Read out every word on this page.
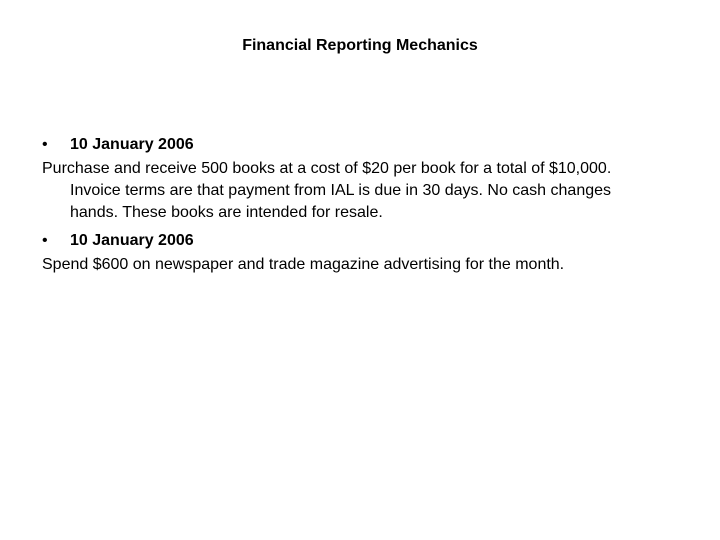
Financial Reporting Mechanics
•	10 January 2006
Purchase and receive 500 books at a cost of $20 per book for a total of $10,000. Invoice terms are that payment from IAL is due in 30 days. No cash changes hands. These books are intended for resale.
•	10 January 2006
Spend $600 on newspaper and trade magazine advertising for the month.
